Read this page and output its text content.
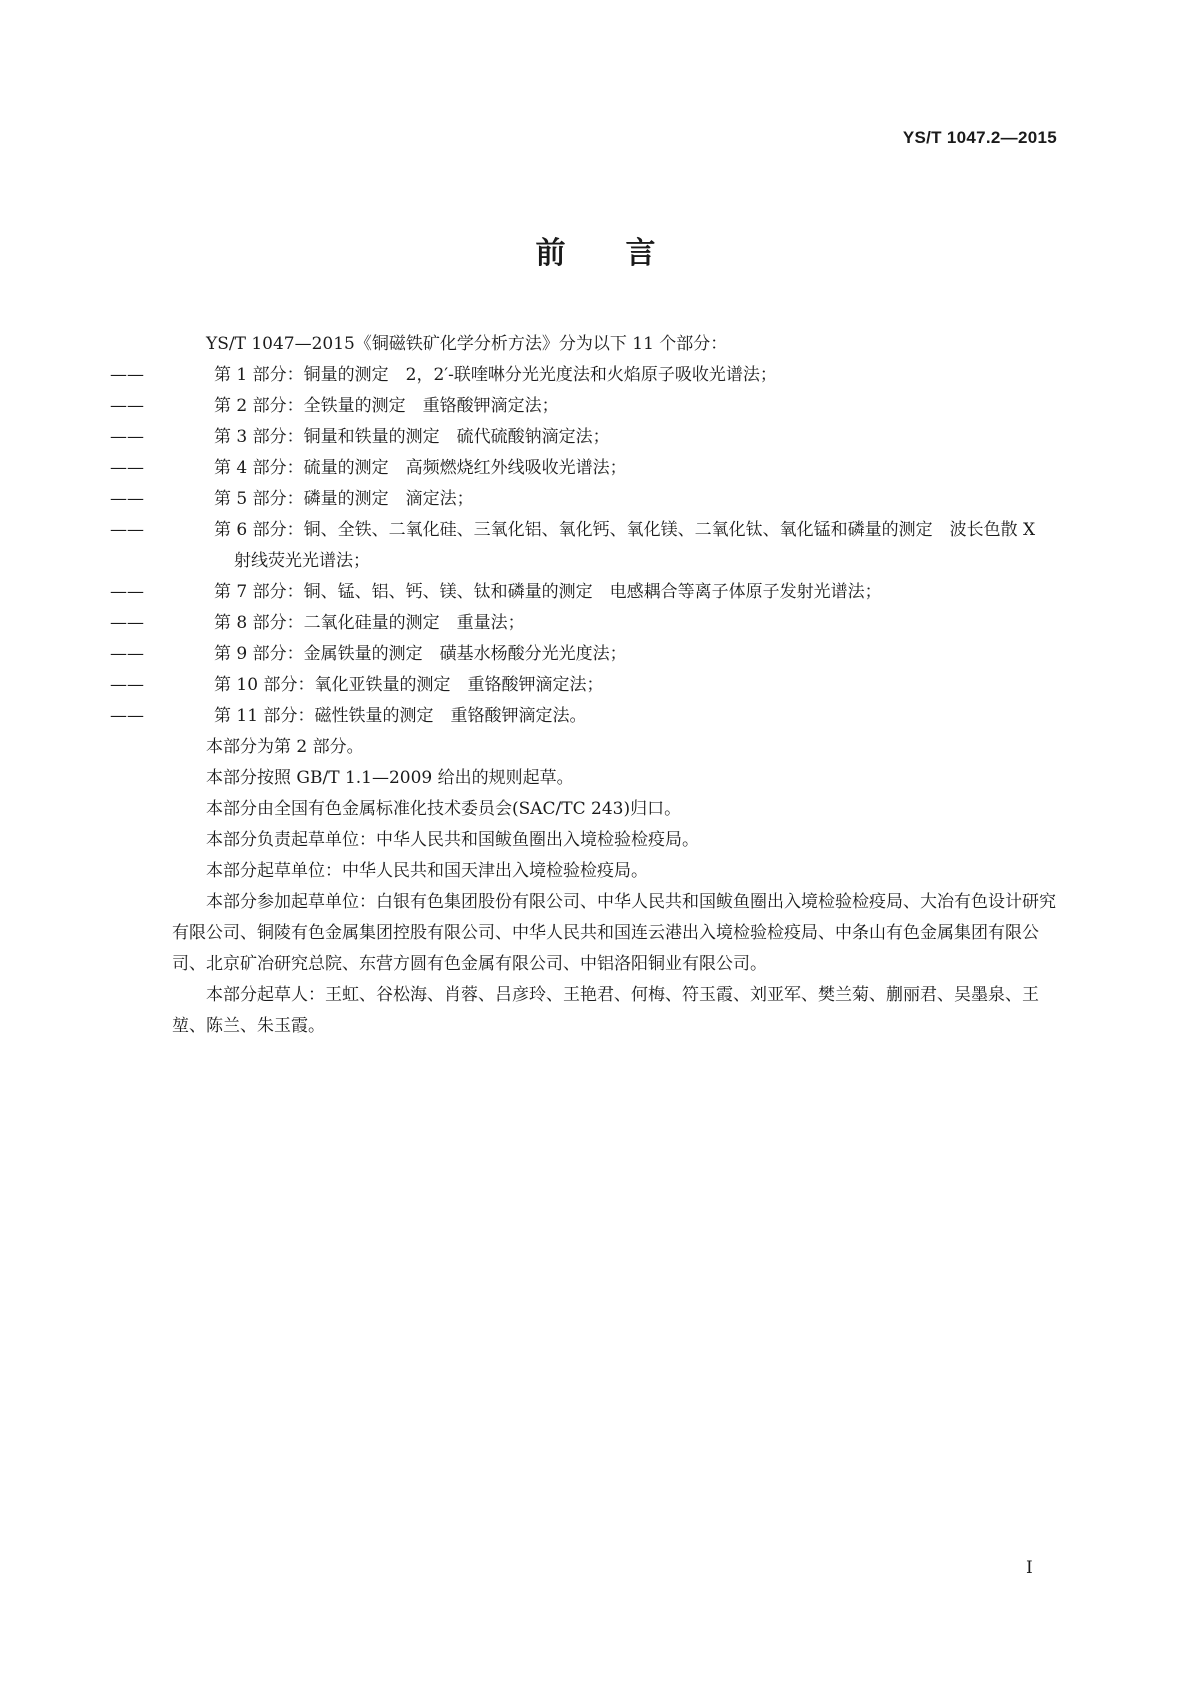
YS/T 1047.2—2015
前 言

YS/T 1047—2015《铜磁铁矿化学分析方法》分为以下 11 个部分：

——	第 1 部分：铜量的测定　2，2′-联喹啉分光光度法和火焰原子吸收光谱法；

——	第 2 部分：全铁量的测定　重铬酸钾滴定法；

——	第 3 部分：铜量和铁量的测定　硫代硫酸钠滴定法；

——	第 4 部分：硫量的测定　高频燃烧红外线吸收光谱法；

——	第 5 部分：磷量的测定　滴定法；

——	第 6 部分：铜、全铁、二氧化硅、三氧化铝、氧化钙、氧化镁、二氧化钛、氧化锰和磷量的测定　波长色散 X 射线荧光光谱法；

——	第 7 部分：铜、锰、铝、钙、镁、钛和磷量的测定　电感耦合等离子体原子发射光谱法；

——	第 8 部分：二氧化硅量的测定　重量法；

——	第 9 部分：金属铁量的测定　磺基水杨酸分光光度法；

——	第 10 部分：氧化亚铁量的测定　重铬酸钾滴定法；

——	第 11 部分：磁性铁量的测定　重铬酸钾滴定法。

本部分为第 2 部分。

本部分按照 GB/T 1.1—2009 给出的规则起草。

本部分由全国有色金属标准化技术委员会(SAC/TC 243)归口。

本部分负责起草单位：中华人民共和国鲅鱼圈出入境检验检疫局。

本部分起草单位：中华人民共和国天津出入境检验检疫局。

本部分参加起草单位：白银有色集团股份有限公司、中华人民共和国鲅鱼圈出入境检验检疫局、大冶有色设计研究有限公司、铜陵有色金属集团控股有限公司、中华人民共和国连云港出入境检验检疫局、中条山有色金属集团有限公司、北京矿冶研究总院、东营方圆有色金属有限公司、中铝洛阳铜业有限公司。

本部分起草人：王虹、谷松海、肖蓉、吕彦玲、王艳君、何梅、符玉霞、刘亚军、樊兰菊、蒯丽君、吴墨泉、王堃、陈兰、朱玉霞。

I
